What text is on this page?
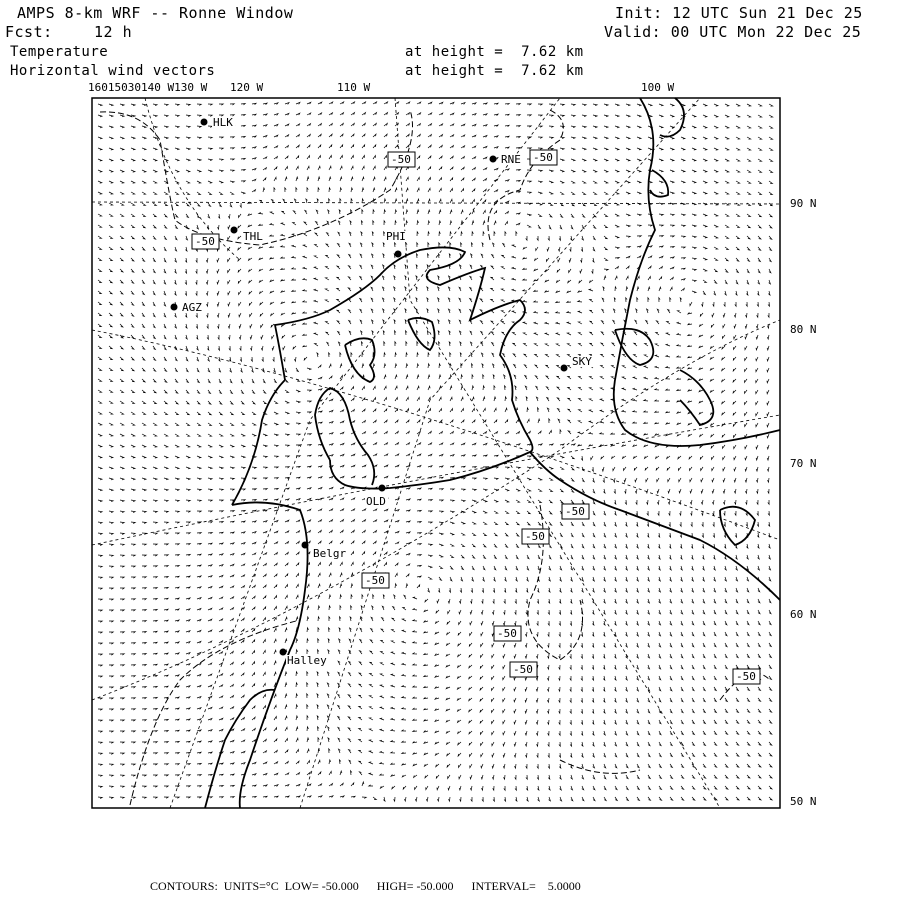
AMPS 8-km WRF -- Ronne Window
Fcst:	12 h
Init: 12 UTC Sun 21 Dec 25
Valid: 00 UTC Mon 22 Dec 25
Temperature
Horizontal wind vectors
at height =  7.62 km
at height =  7.62 km
HLK
RNE
THL	PHI
AGZ
SKY
OLD
Belgr
Halley
-50	-50
-50
-50
-50
-50
-50
-50
-50
16015030140 W130 W 120 W	110 W	100 W
90 N
80 N
70 N
60 N
50 N
CONTOURS:  UNITS=°C  LOW= -50.000      HIGH= -50.000      INTERVAL=    5.0000
